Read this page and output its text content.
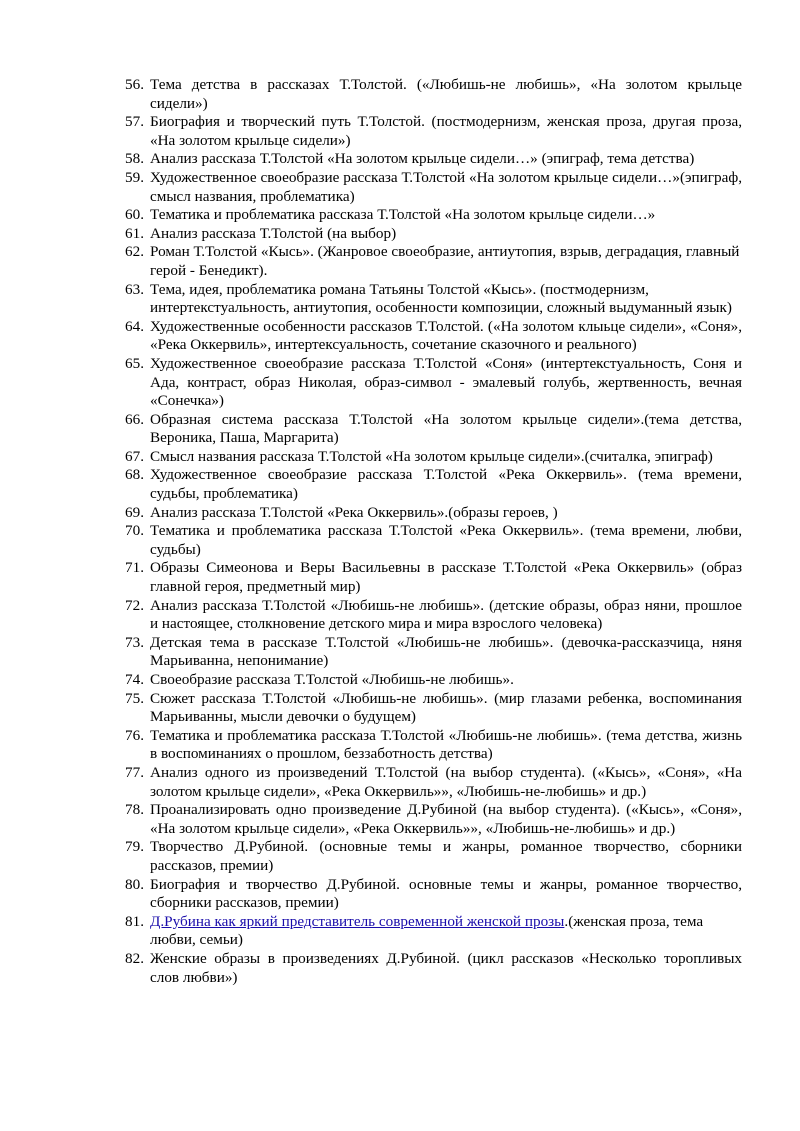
56. Тема детства в рассказах Т.Толстой. («Любишь-не любишь», «На золотом крыльце сидели»)
57. Биография и творческий путь Т.Толстой. (постмодернизм, женская проза, другая проза, «На золотом крыльце сидели»)
58. Анализ рассказа Т.Толстой «На золотом крыльце сидели…» (эпиграф, тема детства)
59. Художественное своеобразие рассказа Т.Толстой «На золотом крыльце сидели…»(эпиграф, смысл названия, проблематика)
60. Тематика и проблематика рассказа Т.Толстой «На золотом крыльце сидели…»
61. Анализ рассказа Т.Толстой (на выбор)
62. Роман Т.Толстой «Кысь». (Жанровое своеобразие, антиутопия, взрыв, деградация, главный герой - Бенедикт).
63. Тема, идея, проблематика романа Татьяны Толстой «Кысь». (постмодернизм, интертекстуальность, антиутопия, особенности композиции, сложный выдуманный язык)
64. Художественные особенности рассказов Т.Толстой. («На золотом клыьце сидели», «Соня», «Река Оккервиль», интертексуальность, сочетание сказочного и реального)
65. Художественное своеобразие рассказа Т.Толстой «Соня» (интертекстуальность, Соня и Ада, контраст, образ Николая, образ-символ - эмалевый голубь, жертвенность, вечная «Сонечка»)
66. Образная система рассказа Т.Толстой «На золотом крыльце сидели».(тема детства, Вероника, Паша, Маргарита)
67. Смысл названия рассказа Т.Толстой «На золотом крыльце сидели».(считалка, эпиграф)
68. Художественное своеобразие рассказа Т.Толстой «Река Оккервиль». (тема времени, судьбы, проблематика)
69. Анализ рассказа Т.Толстой «Река Оккервиль».(образы героев, )
70. Тематика и проблематика рассказа Т.Толстой «Река Оккервиль». (тема времени, любви, судьбы)
71. Образы Симеонова и Веры Васильевны в рассказе Т.Толстой «Река Оккервиль» (образ главной героя, предметный мир)
72. Анализ рассказа Т.Толстой «Любишь-не любишь». (детские образы, образ няни, прошлое и настоящее, столкновение детского мира и мира взрослого человека)
73. Детская тема в рассказе Т.Толстой «Любишь-не любишь». (девочка-рассказчица, няня Марьиванна, непонимание)
74. Своеобразие рассказа Т.Толстой «Любишь-не любишь».
75. Сюжет рассказа Т.Толстой «Любишь-не любишь». (мир глазами ребенка, воспоминания Марьиванны, мысли девочки о будущем)
76. Тематика и проблематика рассказа Т.Толстой «Любишь-не любишь». (тема детства, жизнь в воспоминаниях о прошлом, беззаботность детства)
77. Анализ одного из произведений Т.Толстой (на выбор студента). («Кысь», «Соня», «На золотом крыльце сидели», «Река Оккервиль»», «Любишь-не-любишь» и др.)
78. Проанализировать одно произведение Д.Рубиной (на выбор студента). («Кысь», «Соня», «На золотом крыльце сидели», «Река Оккервиль»», «Любишь-не-любишь» и др.)
79. Творчество Д.Рубиной. (основные темы и жанры, романное творчество, сборники рассказов, премии)
80. Биография и творчество Д.Рубиной. основные темы и жанры, романное творчество, сборники рассказов, премии)
81. Д.Рубина как яркий представитель современной женской прозы.(женская проза, тема любви, семьи)
82. Женские образы в произведениях Д.Рубиной. (цикл рассказов «Несколько торопливых слов любви»)
